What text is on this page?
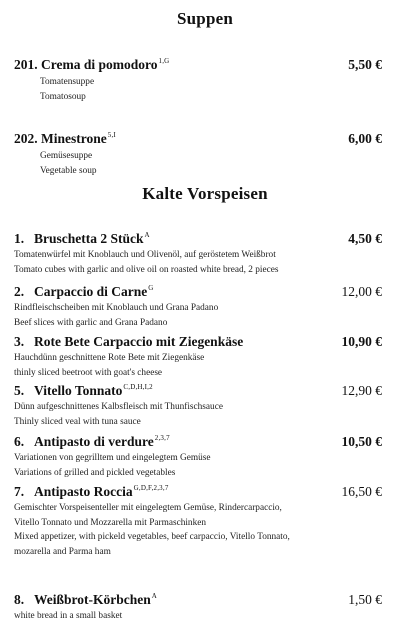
Suppen
201. Crema di pomodoro$^{1,G}$	5,50 €
Tomatensuppe
Tomatosoup
202. Minestrone$^{5,I}$	6,00 €
Gemüsesuppe
Vegetable soup
Kalte Vorspeisen
1. Bruschetta 2 Stück$^A$	4,50 €
Tomatenwürfel mit Knoblauch und Olivenöl, auf geröstetem Weißbrot
Tomato cubes with garlic and olive oil on roasted white bread, 2 pieces
2. Carpaccio di Carne$^G$	12,00 €
Rindfleischscheiben mit Knoblauch und Grana Padano
Beef slices with garlic and Grana Padano
3. Rote Bete Carpaccio mit Ziegenkäse	10,90 €
Hauchdünn geschnittene Rote Bete mit Ziegenkäse
thinly sliced beetroot with goat's cheese
5. Vitello Tonnato$^{C,D,H,I,2}$	12,90 €
Dünn aufgeschnittenes Kalbsfleisch mit Thunfischsauce
Thinly sliced veal with tuna sauce
6. Antipasto di verdure$^{2,3,7}$	10,50 €
Variationen von gegrilltem und eingelegtem Gemüse
Variations of grilled and pickled vegetables
7. Antipasto Roccia$^{G,D,F,2,3,7}$	16,50 €
Gemischter Vorspeisenteller mit eingelegtem Gemüse, Rindercarpaccio,
Vitello Tonnato und Mozzarella mit Parmaschinken
Mixed appetizer, with pickeld vegetables, beef carpaccio, Vitello Tonnato,
mozarella and Parma ham
8. Weißbrot-Körbchen$^A$	1,50 €
white bread in a small basket
